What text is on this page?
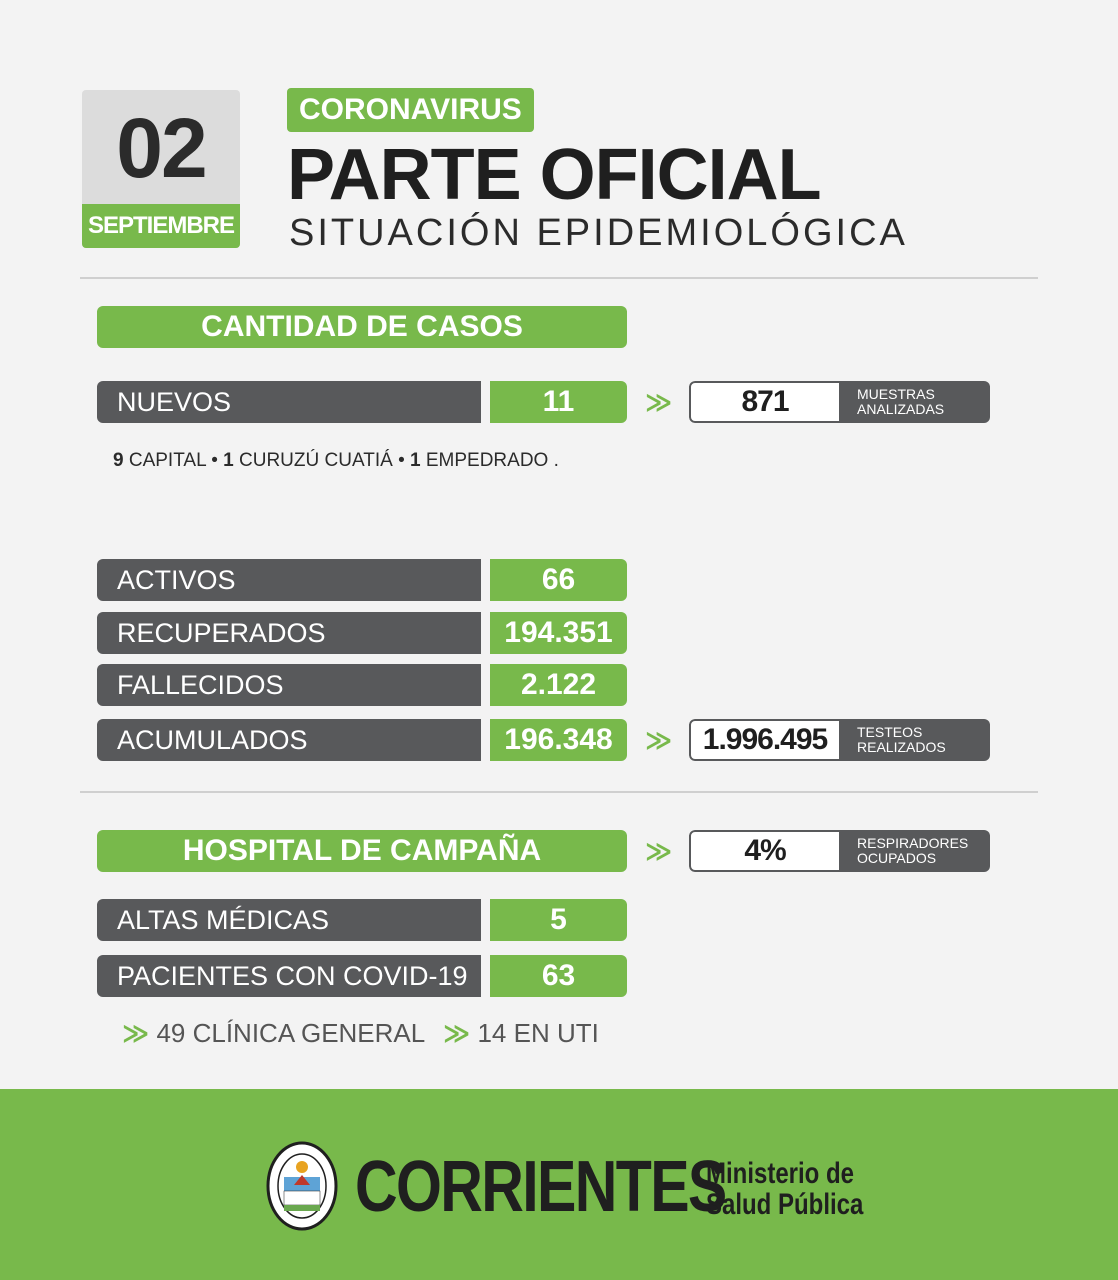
02
SEPTIEMBRE
CORONAVIRUS
PARTE OFICIAL
SITUACIÓN EPIDEMIOLÓGICA
CANTIDAD DE CASOS
NUEVOS	11	≫	871	MUESTRAS
ANALIZADAS
9 CAPITAL • 1 CURUZÚ CUATIÁ • 1 EMPEDRADO .
ACTIVOS	66
RECUPERADOS	194.351
FALLECIDOS	2.122
ACUMULADOS	196.348	≫	1.996.495	TESTEOS
REALIZADOS
HOSPITAL DE CAMPAÑA	≫	4%	RESPIRADORES
OCUPADOS
ALTAS MÉDICAS	5
PACIENTES CON COVID-19	63
≫ 49 CLÍNICA GENERAL ≫ 14 EN UTI
CORRIENTES
Ministerio de
Salud Pública
